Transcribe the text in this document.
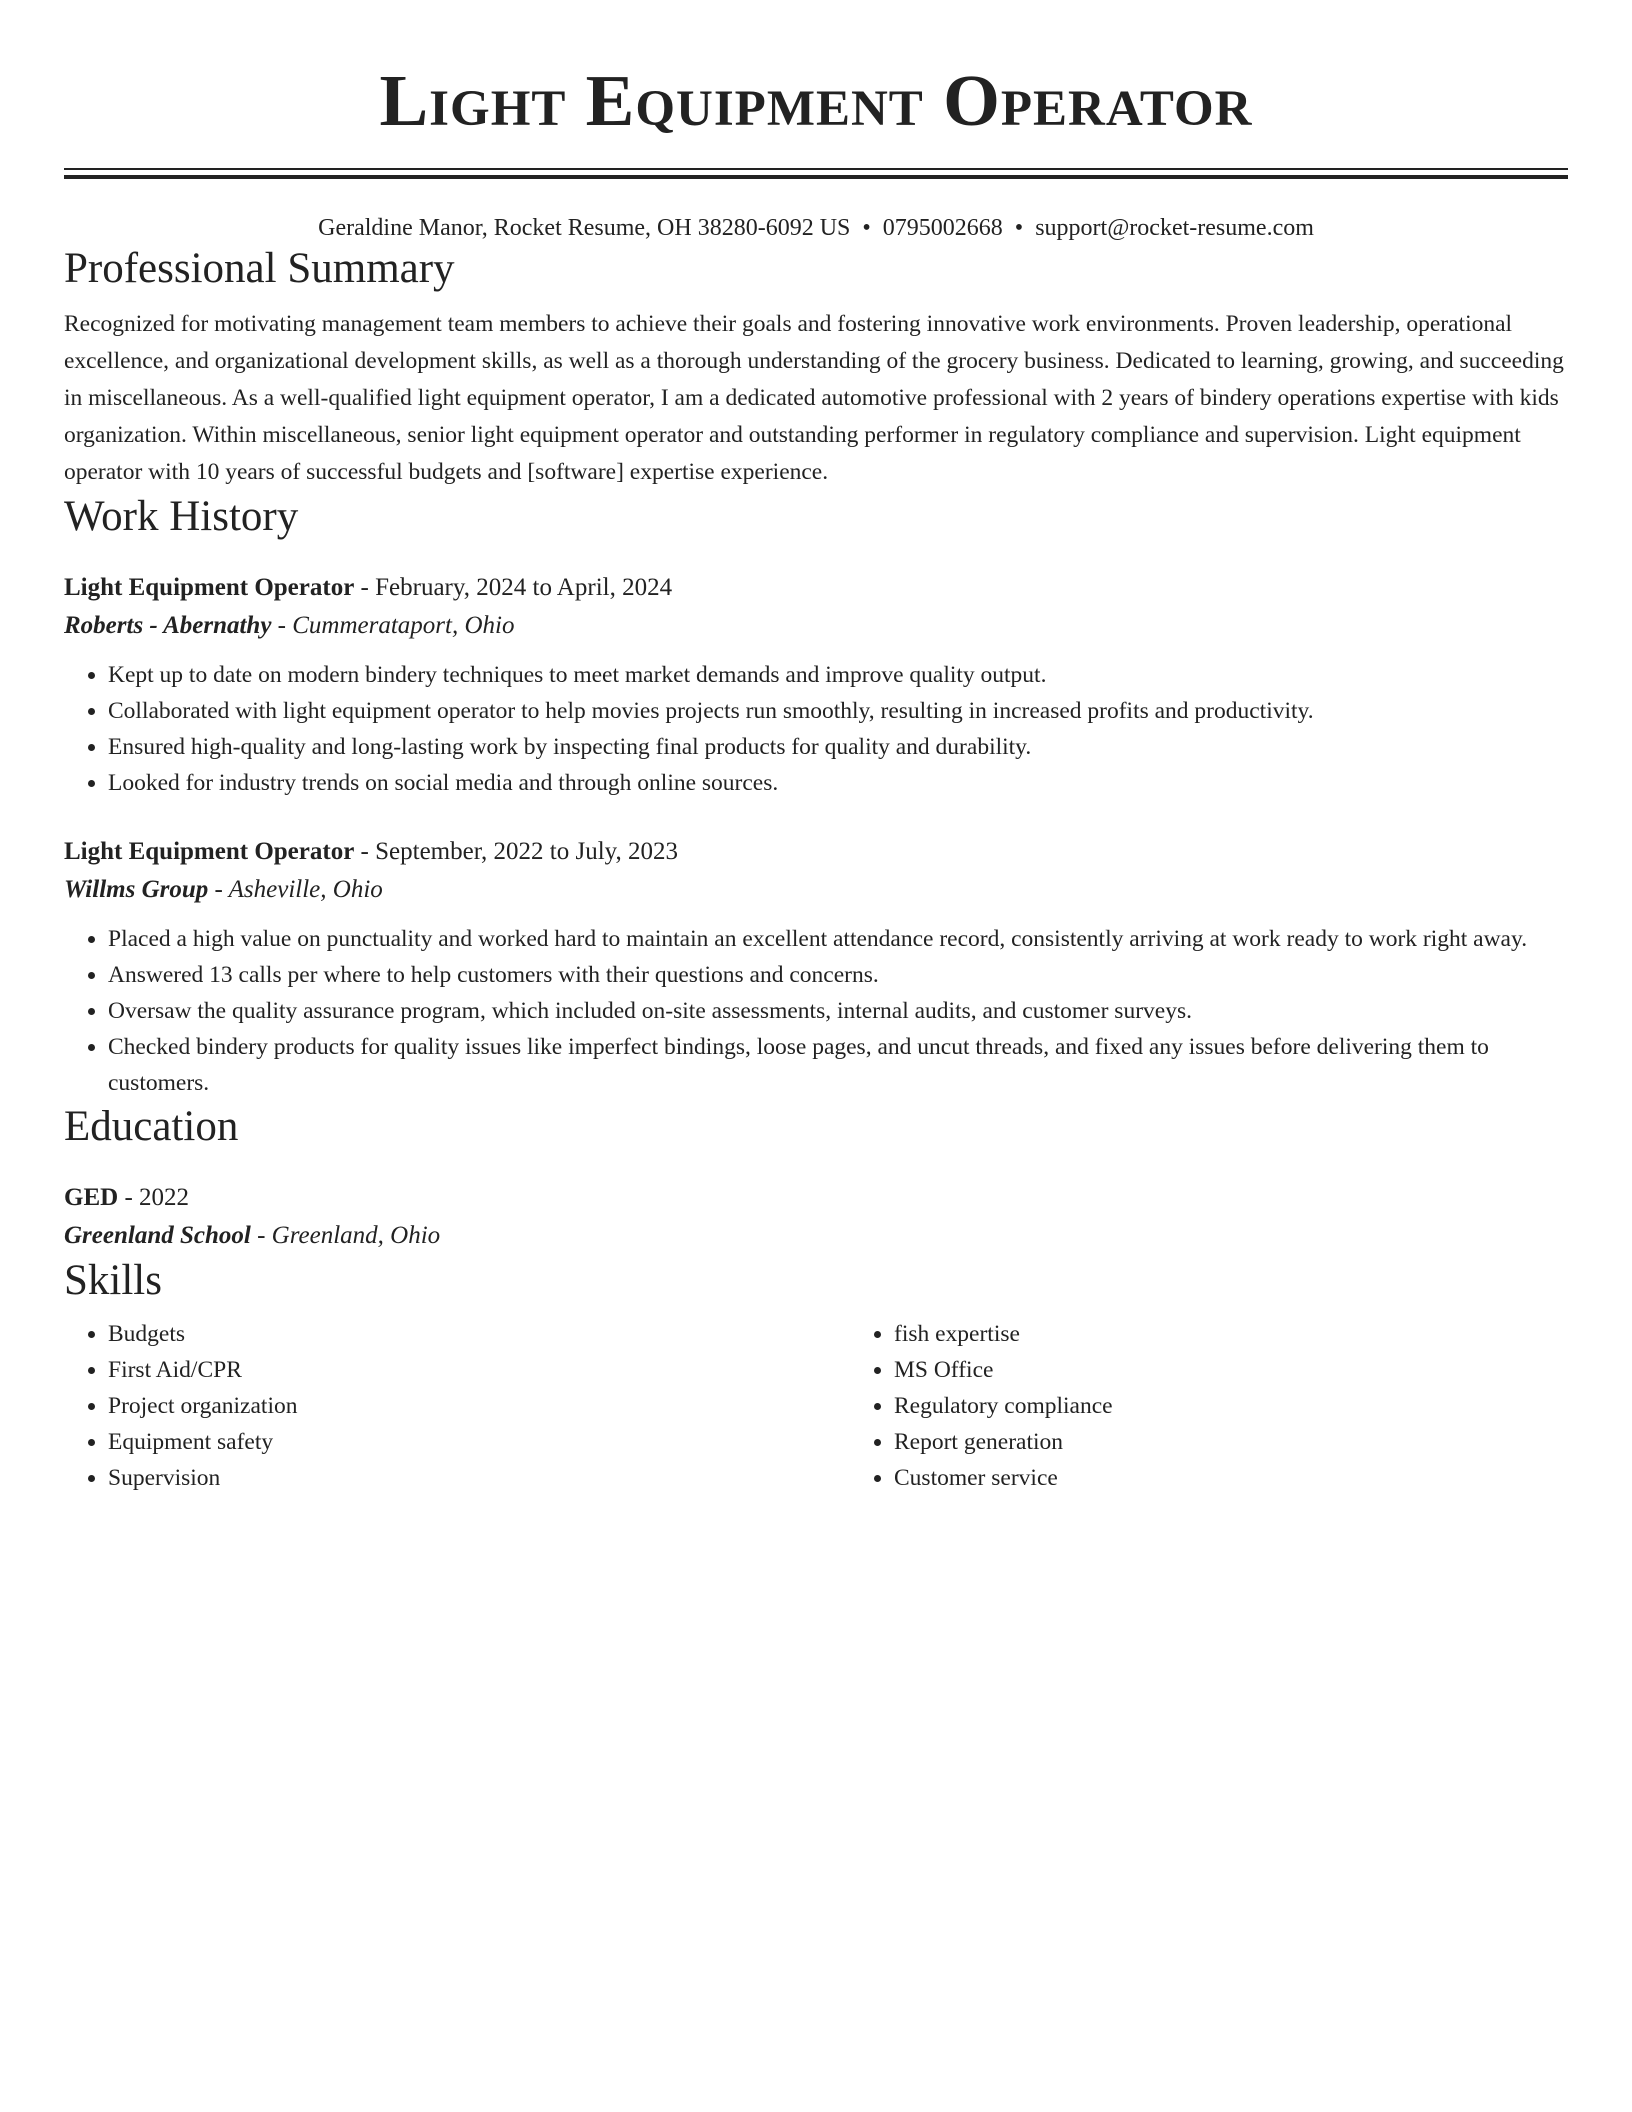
Light Equipment Operator
Geraldine Manor, Rocket Resume, OH 38280-6092 US • 0795002668 • support@rocket-resume.com
Professional Summary
Recognized for motivating management team members to achieve their goals and fostering innovative work environments. Proven leadership, operational excellence, and organizational development skills, as well as a thorough understanding of the grocery business. Dedicated to learning, growing, and succeeding in miscellaneous. As a well-qualified light equipment operator, I am a dedicated automotive professional with 2 years of bindery operations expertise with kids organization. Within miscellaneous, senior light equipment operator and outstanding performer in regulatory compliance and supervision. Light equipment operator with 10 years of successful budgets and [software] expertise experience.
Work History
Light Equipment Operator - February, 2024 to April, 2024
Roberts - Abernathy - Cummerataport, Ohio
• Kept up to date on modern bindery techniques to meet market demands and improve quality output.
• Collaborated with light equipment operator to help movies projects run smoothly, resulting in increased profits and productivity.
• Ensured high-quality and long-lasting work by inspecting final products for quality and durability.
• Looked for industry trends on social media and through online sources.
Light Equipment Operator - September, 2022 to July, 2023
Willms Group - Asheville, Ohio
• Placed a high value on punctuality and worked hard to maintain an excellent attendance record, consistently arriving at work ready to work right away.
• Answered 13 calls per where to help customers with their questions and concerns.
• Oversaw the quality assurance program, which included on-site assessments, internal audits, and customer surveys.
• Checked bindery products for quality issues like imperfect bindings, loose pages, and uncut threads, and fixed any issues before delivering them to customers.
Education
GED - 2022
Greenland School - Greenland, Ohio
Skills
• Budgets
• First Aid/CPR
• Project organization
• Equipment safety
• Supervision
• fish expertise
• MS Office
• Regulatory compliance
• Report generation
• Customer service
